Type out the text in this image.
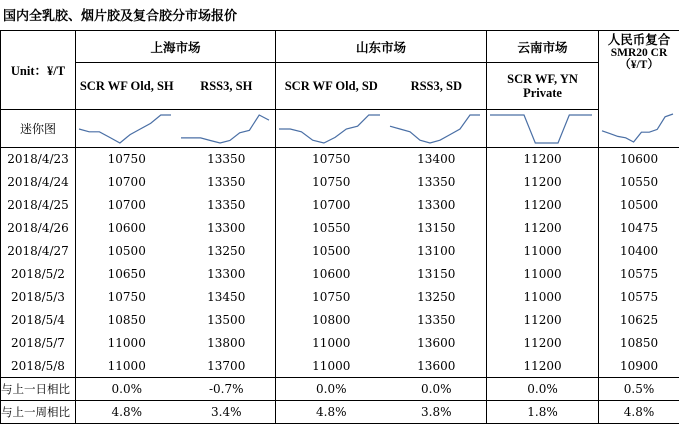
国内全乳胶、烟片胶及复合胶分市场报价
Unit：¥/T	上海市场		山东市场		云南市场	人民币复合
SMR20 CR（¥/T）

	SCR WF Old, SH	RSS3, SH	SCR WF Old, SD	RSS3, SD	SCR WF, YN Private	
迷你图	

2018/4/23	10750	13350	10750	13400	11200	10600
2018/4/24	10700	13350	10750	13350	11200	10550
2018/4/25	10700	13350	10700	13300	11200	10500
2018/4/26	10600	13300	10550	13150	11200	10475
2018/4/27	10500	13250	10500	13100	11000	10400
2018/5/2	10650	13300	10600	13150	11000	10575
2018/5/3	10750	13450	10750	13250	11000	10575
2018/5/4	10850	13500	10800	13350	11200	10625
2018/5/7	11000	13800	11000	13600	11200	10850
2018/5/8	11000	13700	11000	13600	11200	10900
与上一日相比	0.0%	-0.7%	0.0%	0.0%	0.0%	0.5%
与上一周相比	4.8%	3.4%	4.8%	3.8%	1.8%	4.8%
